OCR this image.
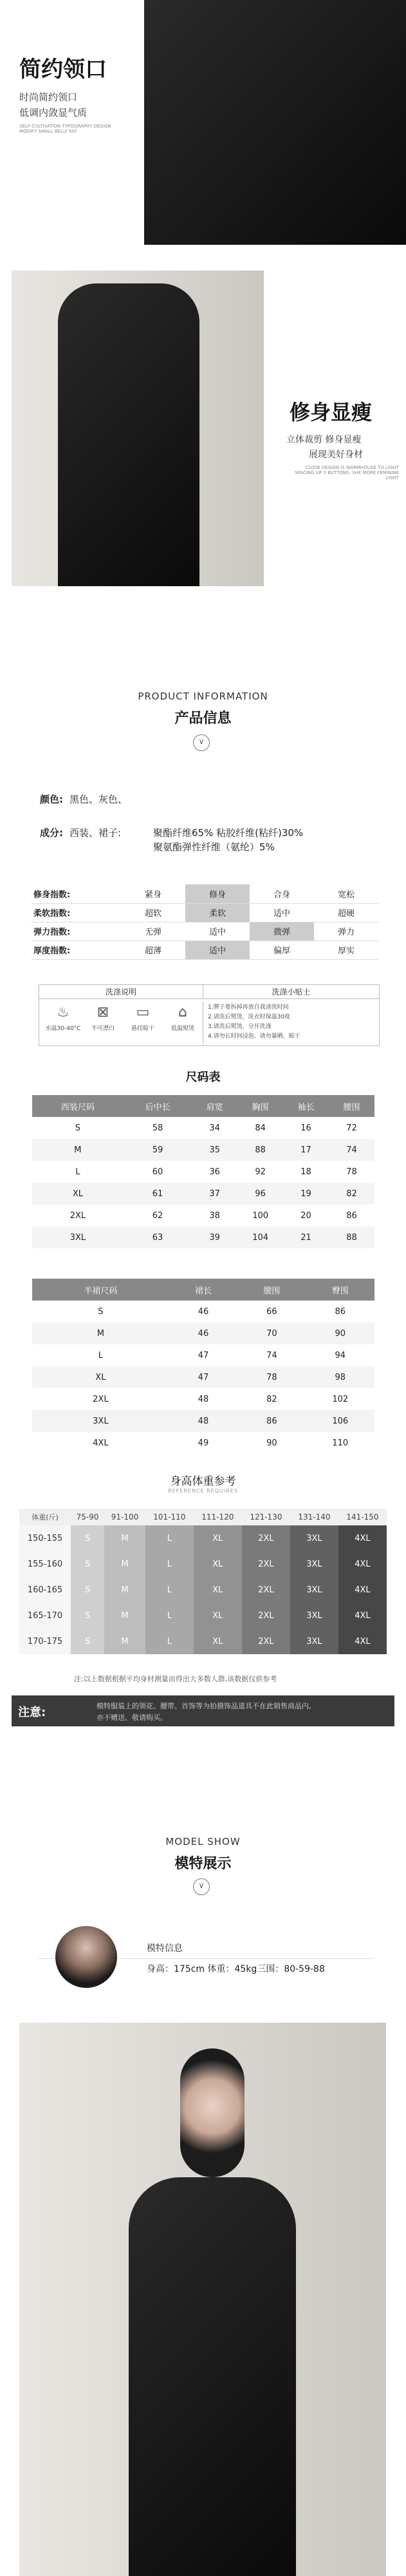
简约领口
时尚简约领口
低调内敛显气质
SELF-CULTIVATION TYPOGRAPHY DESIGN MODIFY SMALL BELLY FAT
修身显瘦
立体裁剪 修身显瘦
展现美好身材
CLOSE DESIGN IS WARMHOUSE TO LIGHT SPACING UP 3 BUTTONS, SHE MORE FEMININE LIGHT
PRODUCT INFORMATION
产品信息
∨
颜色: 黑色、灰色、
成分: 西装、裙子:	聚酯纤维65% 粘胶纤维(粘纤)30%
聚氨酯弹性纤维（氨纶）5%
修身指数:	紧身	修身	合身	宽松
柔软指数:	超软	柔软	适中	超硬
弹力指数:	无弹	适中	微弹	弹力
厚度指数:	超薄	适中	偏厚	厚实
洗涤说明	洗涤小贴士
♨
水温30-40°C
⊠
不可漂白
▭
悬挂晾干
⌂
低温熨烫
1.牌子要拆掉再放自我清洗时间
2.请洗后熨烫，洗衣时保温30度
3.请洗后熨烫，分开洗涤
4.请勿长时间浸泡、请勿暴晒、晾干
尺码表
西装尺码	后中长	肩宽	胸围	袖长	腰围
S	58	34	84	16	72
M	59	35	88	17	74
L	60	36	92	18	78
XL	61	37	96	19	82
2XL	62	38	100	20	86
3XL	63	39	104	21	88
半裙尺码	裙长	腰围	臀围
S	46	66	86
M	46	70	90
L	47	74	94
XL	47	78	98
2XL	48	82	102
3XL	48	86	106
4XL	49	90	110
身高体重参考
REFERENCE REQUIRES
体重(斤)	75-90	91-100	101-110	111-120	121-130	131-140	141-150
150-155	S	M	L	XL	2XL	3XL	4XL
155-160	S	M	L	XL	2XL	3XL	4XL
160-165	S	M	L	XL	2XL	3XL	4XL
165-170	S	M	L	XL	2XL	3XL	4XL
170-175	S	M	L	XL	2XL	3XL	4XL
注:以上数据根据平均身材测量而得出大多数人群,该数据仅供参考
注意:	模特服装上的领花、腰带、首饰等为拍摄饰品道具不在此销售商品内,
亦不赠送、敬请购买。
MODEL SHOW
模特展示
∨
模特信息
身高：175cm 体重：45kg三围：80-59-88
